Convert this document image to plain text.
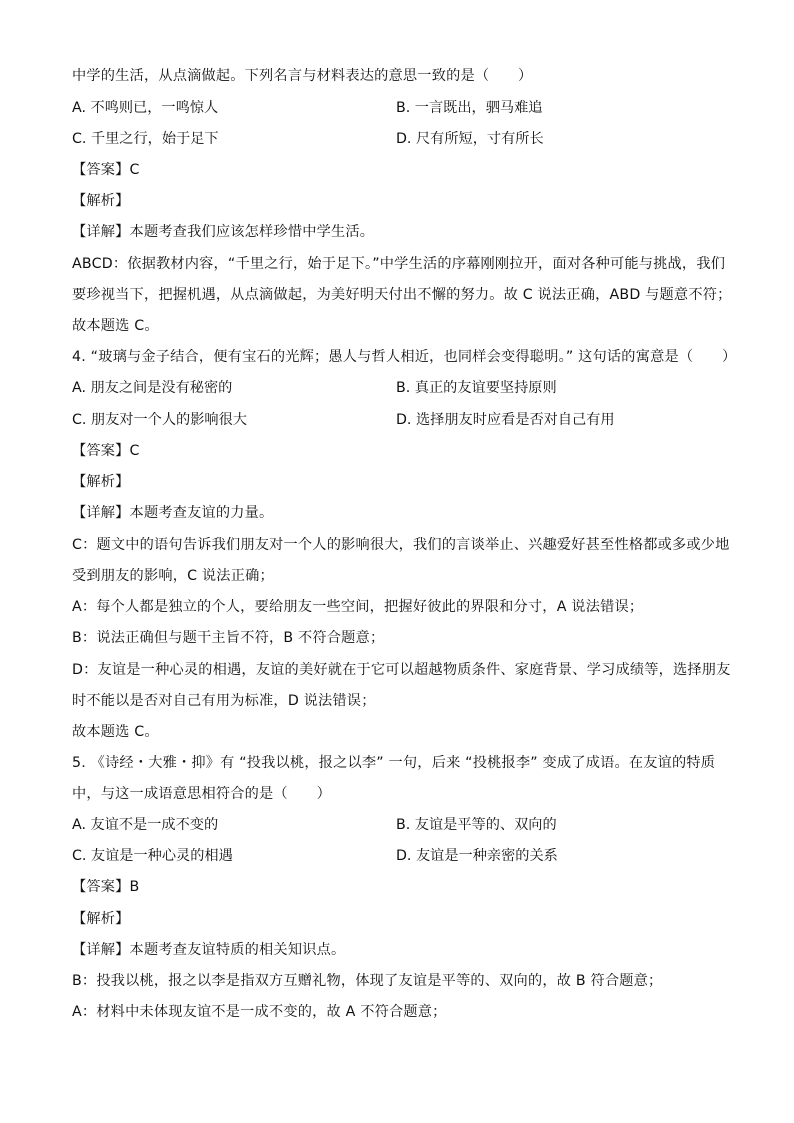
中学的生活，从点滴做起。下列名言与材料表达的意思一致的是（　　）
A. 不鸣则已，一鸣惊人	B. 一言既出，驷马难追
C. 千里之行，始于足下	D. 尺有所短，寸有所长
【答案】C
【解析】
【详解】本题考查我们应该怎样珍惜中学生活。
ABCD：依据教材内容，“千里之行，始于足下。”中学生活的序幕刚刚拉开，面对各种可能与挑战，我们
要珍视当下，把握机遇，从点滴做起，为美好明天付出不懈的努力。故 C 说法正确，ABD 与题意不符；
故本题选 C。
4. “玻璃与金子结合，便有宝石的光辉；愚人与哲人相近，也同样会变得聪明。” 这句话的寓意是（　　）
A. 朋友之间是没有秘密的	B. 真正的友谊要坚持原则
C. 朋友对一个人的影响很大	D. 选择朋友时应看是否对自己有用
【答案】C
【解析】
【详解】本题考查友谊的力量。
C：题文中的语句告诉我们朋友对一个人的影响很大，我们的言谈举止、兴趣爱好甚至性格都或多或少地
受到朋友的影响，C 说法正确；
A：每个人都是独立的个人，要给朋友一些空间，把握好彼此的界限和分寸，A 说法错误；
B：说法正确但与题干主旨不符，B 不符合题意；
D：友谊是一种心灵的相遇，友谊的美好就在于它可以超越物质条件、家庭背景、学习成绩等，选择朋友
时不能以是否对自己有用为标准，D 说法错误；
故本题选 C。
5. 《诗经・大雅・抑》有 “投我以桃，报之以李” 一句，后来 “投桃报李” 变成了成语。在友谊的特质
中，与这一成语意思相符合的是（　　）
A. 友谊不是一成不变的	B. 友谊是平等的、双向的
C. 友谊是一种心灵的相遇	D. 友谊是一种亲密的关系
【答案】B
【解析】
【详解】本题考查友谊特质的相关知识点。
B：投我以桃，报之以李是指双方互赠礼物，体现了友谊是平等的、双向的，故 B 符合题意；
A：材料中未体现友谊不是一成不变的，故 A 不符合题意；
